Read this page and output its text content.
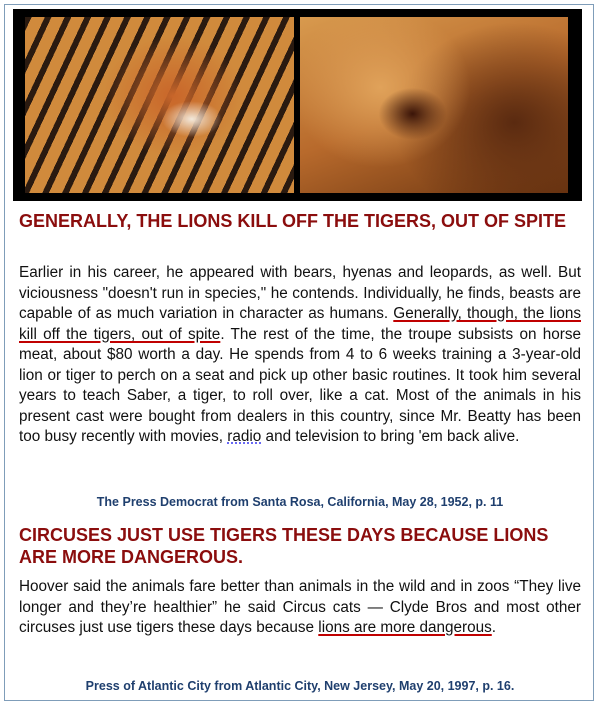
GENERALLY, THE LIONS KILL OFF THE TIGERS, OUT OF SPITE

Earlier in his career, he appeared with bears, hyenas and leopards, as well. But viciousness "doesn't run in species," he contends. Individually, he finds, beasts are capable of as much variation in character as humans. Generally, though, the lions kill off the tigers, out of spite. The rest of the time, the troupe subsists on horse meat, about $80 worth a day. He spends from 4 to 6 weeks training a 3-year-old lion or tiger to perch on a seat and pick up other basic routines. It took him several years to teach Saber, a tiger, to roll over, like a cat. Most of the animals in his present cast were bought from dealers in this country, since Mr. Beatty has been too busy recently with movies, radio and television to bring 'em back alive.

The Press Democrat from Santa Rosa, California, May 28, 1952, p. 11

CIRCUSES JUST USE TIGERS THESE DAYS BECAUSE LIONS ARE MORE DANGEROUS.

Hoover said the animals fare better than animals in the wild and in zoos “They live longer and they’re healthier” he said Circus cats — Clyde Bros and most other circuses just use tigers these days because lions are more dangerous.

Press of Atlantic City from Atlantic City, New Jersey, May 20, 1997, p. 16.
